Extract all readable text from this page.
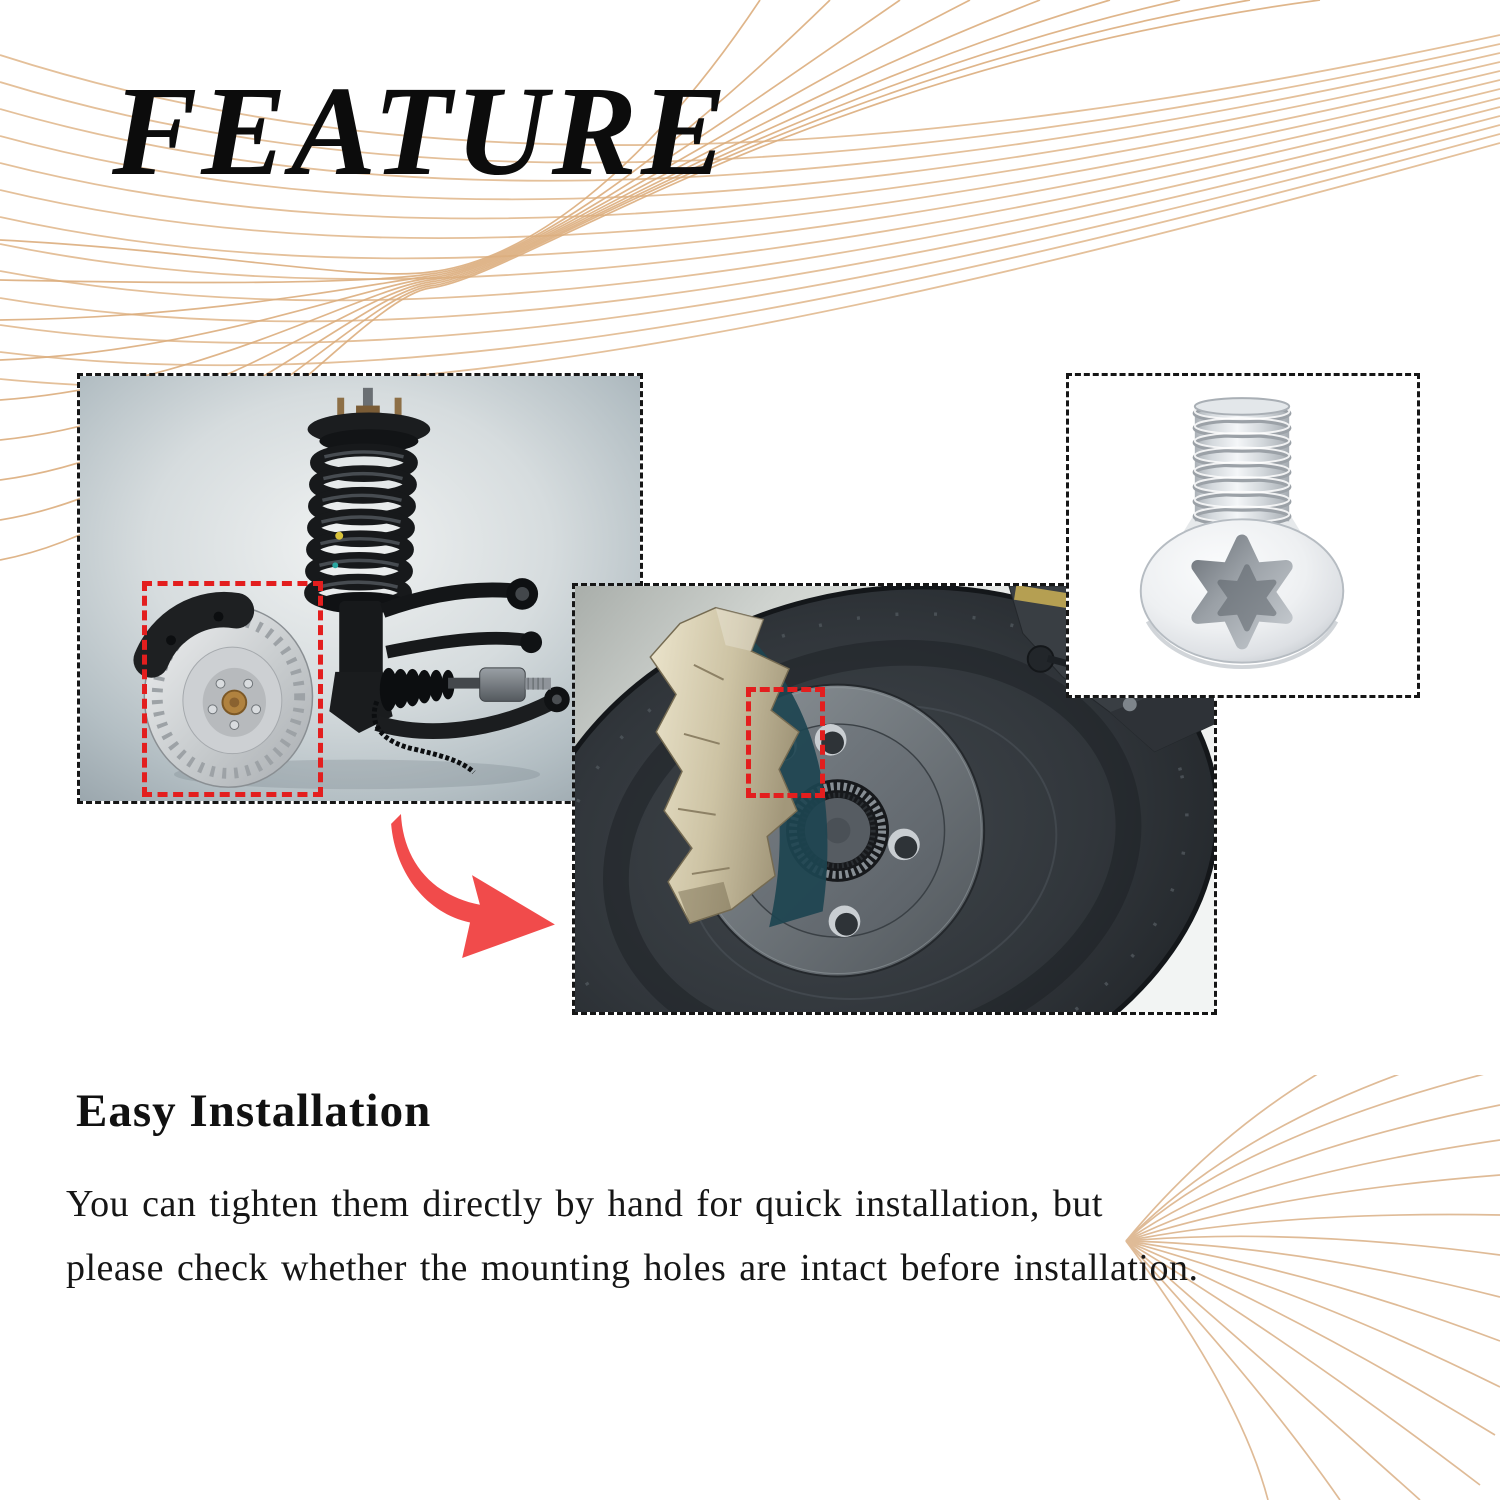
FEATURE
Easy Installation

You can tighten them directly by hand for quick installation, but

please check whether the mounting holes are intact before installation.
